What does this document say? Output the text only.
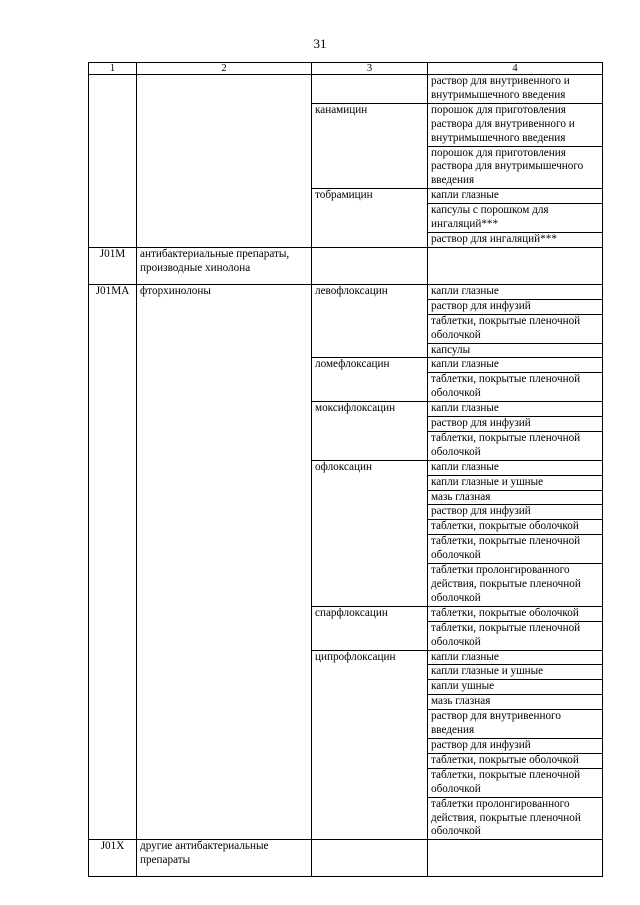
31
1	2	3	4
			раствор для внутривенного и внутримышечного введения
		канамицин	порошок для приготовления раствора для внутривенного и внутримышечного введения
			порошок для приготовления раствора для внутримышечного введения
		тобрамицин	капли глазные
			капсулы с порошком для ингаляций***
			раствор для ингаляций***
J01M	антибактериальные препараты, производные хинолона		
J01MA	фторхинолоны	левофлоксацин	капли глазные
			раствор для инфузий
			таблетки, покрытые пленочной оболочкой
			капсулы
		ломефлоксацин	капли глазные
			таблетки, покрытые пленочной оболочкой
		моксифлоксацин	капли глазные
			раствор для инфузий
			таблетки, покрытые пленочной оболочкой
		офлоксацин	капли глазные
			капли глазные и ушные
			мазь глазная
			раствор для инфузий
			таблетки, покрытые оболочкой
			таблетки, покрытые пленочной оболочкой
			таблетки пролонгированного действия, покрытые пленочной оболочкой
		спарфлоксацин	таблетки, покрытые оболочкой
			таблетки, покрытые пленочной оболочкой
		ципрофлоксацин	капли глазные
			капли глазные и ушные
			капли ушные
			мазь глазная
			раствор для внутривенного введения
			раствор для инфузий
			таблетки, покрытые оболочкой
			таблетки, покрытые пленочной оболочкой
			таблетки пролонгированного действия, покрытые пленочной оболочкой
J01X	другие антибактериальные препараты		
